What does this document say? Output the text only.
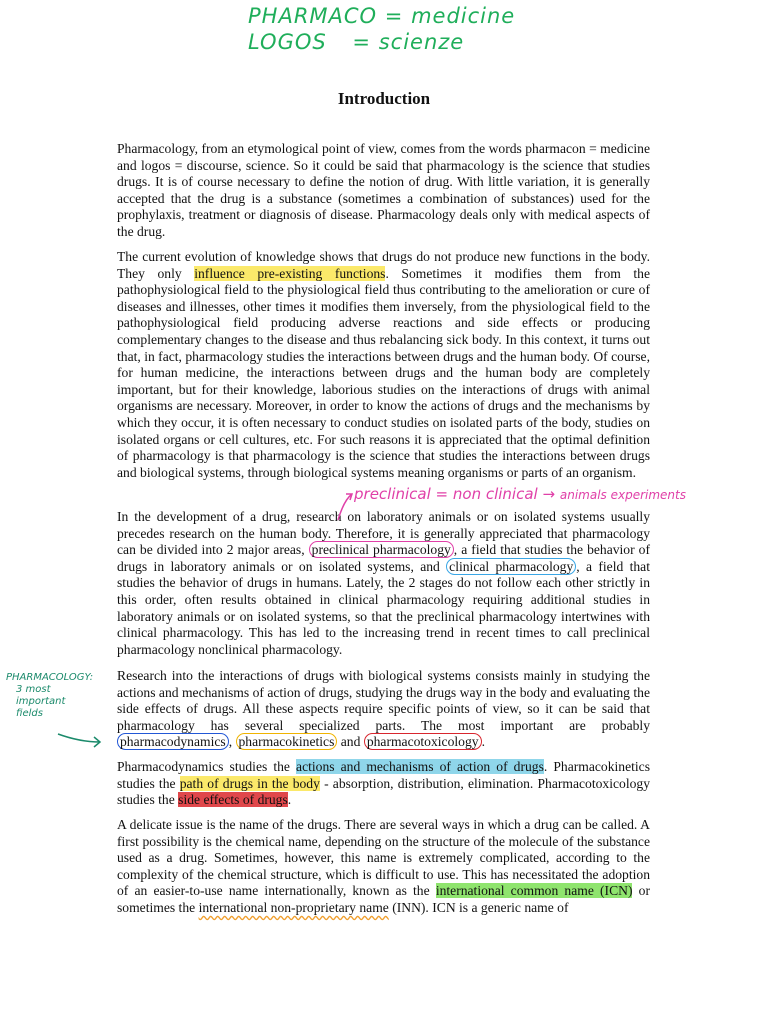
PHARMACO = medicine
LOGOS = scienze
Introduction

Pharmacology, from an etymological point of view, comes from the words pharmacon = medicine and logos = discourse, science. So it could be said that pharmacology is the science that studies drugs. It is of course necessary to define the notion of drug. With little variation, it is generally accepted that the drug is a substance (sometimes a combination of substances) used for the prophylaxis, treatment or diagnosis of disease. Pharmacology deals only with medical aspects of the drug.

The current evolution of knowledge shows that drugs do not produce new functions in the body. They only influence pre-existing functions. Sometimes it modifies them from the pathophysiological field to the physiological field thus contributing to the amelioration or cure of diseases and illnesses, other times it modifies them inversely, from the physiological field to the pathophysiological field producing adverse reactions and side effects or producing complementary changes to the disease and thus rebalancing sick body. In this context, it turns out that, in fact, pharmacology studies the interactions between drugs and the human body. Of course, for human medicine, the interactions between drugs and the human body are completely important, but for their knowledge, laborious studies on the interactions of drugs with animal organisms are necessary. Moreover, in order to know the actions of drugs and the mechanisms by which they occur, it is often necessary to conduct studies on isolated parts of the body, studies on isolated organs or cell cultures, etc. For such reasons it is appreciated that the optimal definition of pharmacology is that pharmacology is the science that studies the interactions between drugs and biological systems, through biological systems meaning organisms or parts of an organism.

preclinical = non clinical → animals experiments

In the development of a drug, research on laboratory animals or on isolated systems usually precedes research on the human body. Therefore, it is generally appreciated that pharmacology can be divided into 2 major areas, preclinical pharmacology , a field that studies the behavior of drugs in laboratory animals or on isolated systems, and clinical pharmacology , a field that studies the behavior of drugs in humans. Lately, the 2 stages do not follow each other strictly in this order, often results obtained in clinical pharmacology requiring additional studies in laboratory animals or on isolated systems, so that the preclinical pharmacology intertwines with clinical pharmacology. This has led to the increasing trend in recent times to call preclinical pharmacology nonclinical pharmacology.

PHARMACOLOGY:
3 most important fields

Research into the interactions of drugs with biological systems consists mainly in studying the actions and mechanisms of action of drugs, studying the drugs way in the body and evaluating the side effects of drugs. All these aspects require specific points of view, so it can be said that pharmacology has several specialized parts. The most important are probably pharmacodynamics , pharmacokinetics and pharmacotoxicology .

Pharmacodynamics studies the actions and mechanisms of action of drugs. Pharmacokinetics studies the path of drugs in the body - absorption, distribution, elimination. Pharmacotoxicology studies the side effects of drugs.

A delicate issue is the name of the drugs. There are several ways in which a drug can be called. A first possibility is the chemical name, depending on the structure of the molecule of the substance used as a drug. Sometimes, however, this name is extremely complicated, according to the complexity of the chemical structure, which is difficult to use. This has necessitated the adoption of an easier-to-use name internationally, known as the international common name (ICN) or sometimes the international non-proprietary name (INN). ICN is a generic name of
